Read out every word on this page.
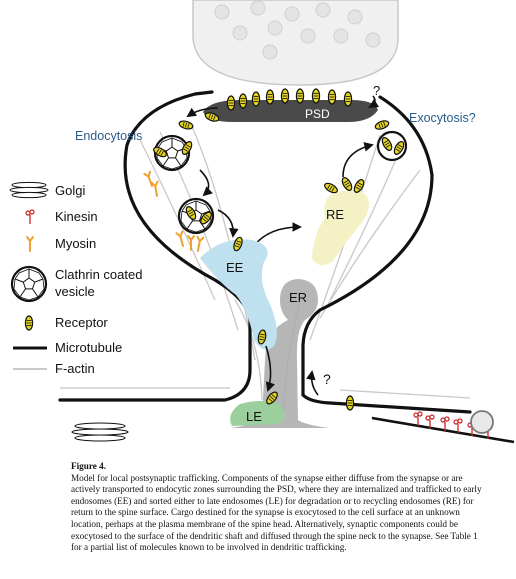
PSD
?
RE
ER
EE
LE
?
Endocytosis
Exocytosis?
Golgi
Kinesin
Myosin
Clathrin coated
vesicle
Receptor
Microtubule
F-actin
Figure 4.
Model for local postsynaptic trafficking. Components of the synapse either diffuse from the synapse or are actively transported to endocytic zones surrounding the PSD, where they are internalized and trafficked to early endosomes (EE) and sorted either to late endosomes (LE) for degradation or to recycling endosomes (RE) for return to the spine surface. Cargo destined for the synapse is exocytosed to the cell surface at an unknown location, perhaps at the plasma membrane of the spine head. Alternatively, synaptic components could be exocytosed to the surface of the dendritic shaft and diffused through the spine neck to the synapse. See Table 1 for a partial list of molecules known to be involved in dendritic trafficking.
